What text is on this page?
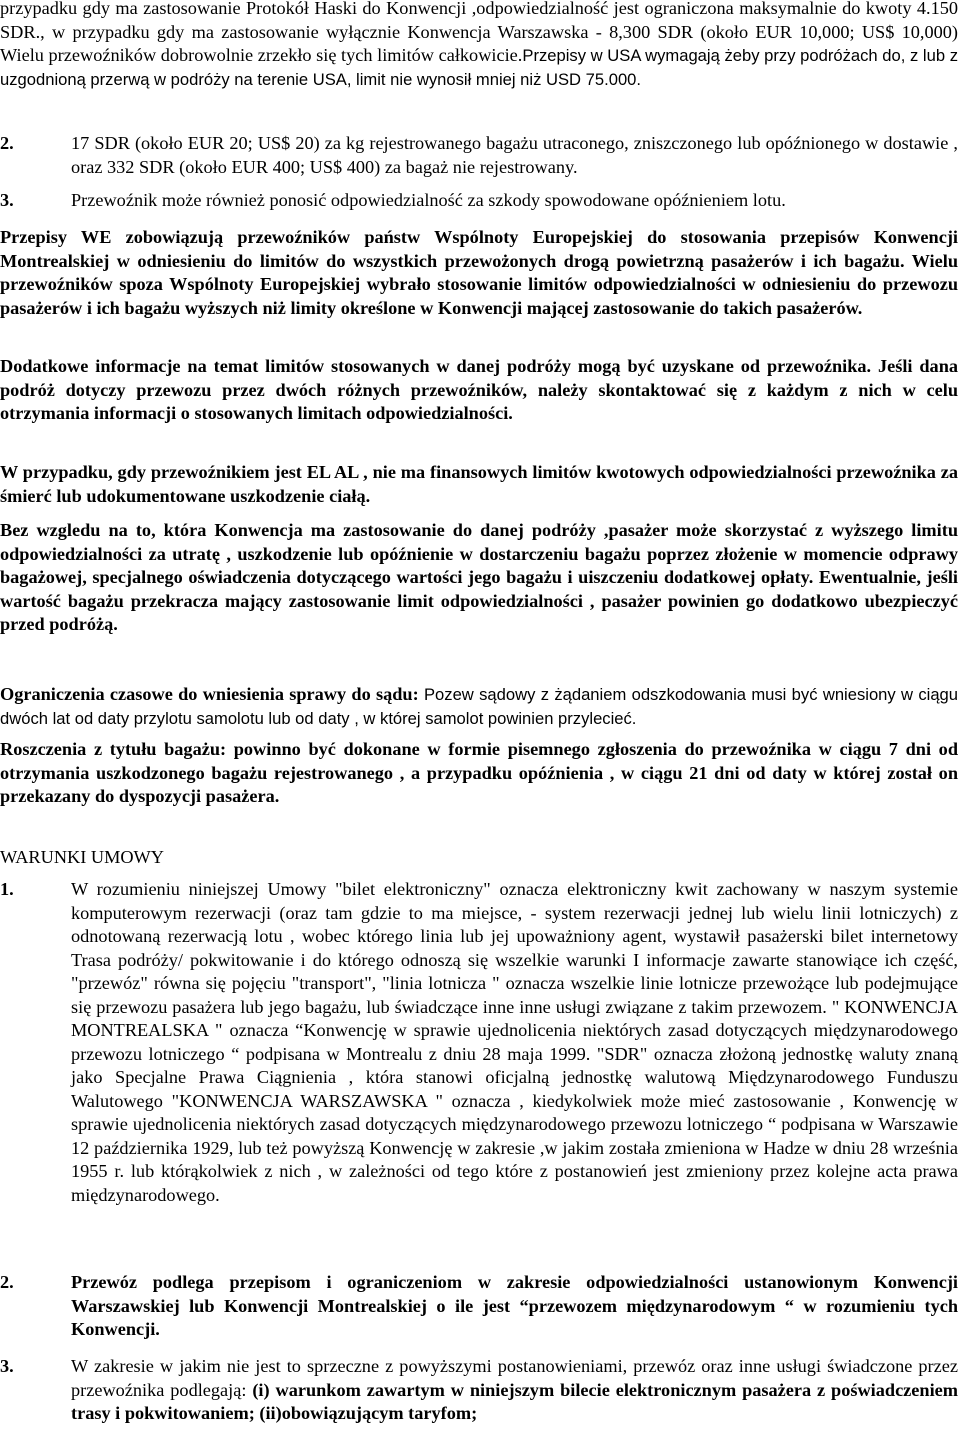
przypadku gdy ma zastosowanie Protokół Haski do Konwencji ,odpowiedzialność jest ograniczona maksymalnie do kwoty 4.150 SDR., w przypadku gdy ma zastosowanie wyłącznie Konwencja Warszawska - 8,300 SDR (około EUR 10,000; US$ 10,000) Wielu przewoźników dobrowolnie zrzekło się tych limitów całkowicie.Przepisy w USA wymagają żeby przy podróżach do, z lub z uzgodnioną przerwą w podróży na terenie USA, limit nie wynosił mniej niż USD 75.000.

2.	17 SDR (około EUR 20; US$ 20) za kg rejestrowanego bagażu utraconego, zniszczonego lub opóźnionego w dostawie , oraz 332 SDR (około EUR 400; US$ 400) za bagaż nie rejestrowany.
3.	Przewoźnik może również ponosić odpowiedzialność za szkody spowodowane opóźnieniem lotu.

Przepisy WE zobowiązują przewoźników państw Wspólnoty Europejskiej do stosowania przepisów Konwencji Montrealskiej w odniesieniu do limitów do wszystkich przewożonych drogą powietrzną pasażerów i ich bagażu. Wielu przewoźników spoza Wspólnoty Europejskiej wybrało stosowanie limitów odpowiedzialności w odniesieniu do przewozu pasażerów i ich bagażu wyższych niż limity określone w Konwencji mającej zastosowanie do takich pasażerów.

Dodatkowe informacje na temat limitów stosowanych w danej podróży mogą być uzyskane od przewoźnika. Jeśli dana podróż dotyczy przewozu przez dwóch różnych przewoźników, należy skontaktować się z każdym z nich w celu otrzymania informacji o stosowanych limitach odpowiedzialności.

W przypadku, gdy przewoźnikiem jest EL AL , nie ma finansowych limitów kwotowych odpowiedzialności przewoźnika za śmierć lub udokumentowane uszkodzenie ciałą.

Bez wzgledu na to, która Konwencja ma zastosowanie do danej podróży ,pasażer może skorzystać z wyższego limitu odpowiedzialności za utratę , uszkodzenie lub opóźnienie w dostarczeniu bagażu poprzez złożenie w momencie odprawy bagażowej, specjalnego oświadczenia dotyczącego wartości jego bagażu i uiszczeniu dodatkowej opłaty. Ewentualnie, jeśli wartość bagażu przekracza mający zastosowanie limit odpowiedzialności , pasażer powinien go dodatkowo ubezpieczyć przed podróżą.

Ograniczenia czasowe do wniesienia sprawy do sądu: Pozew sądowy z żądaniem odszkodowania musi być wniesiony w ciągu dwóch lat od daty przylotu samolotu lub od daty , w której samolot powinien przylecieć.

Roszczenia z tytułu bagażu: powinno być dokonane w formie pisemnego zgłoszenia do przewoźnika w ciągu 7 dni od otrzymania uszkodzonego bagażu rejestrowanego , a przypadku opóźnienia , w ciągu 21 dni od daty w której został on przekazany do dyspozycji pasażera.

WARUNKI UMOWY
1.	W rozumieniu niniejszej Umowy "bilet elektroniczny" oznacza elektroniczny kwit zachowany w naszym systemie komputerowym rezerwacji (oraz tam gdzie to ma miejsce, - system rezerwacji jednej lub wielu linii lotniczych) z odnotowaną rezerwacją lotu , wobec którego linia lub jej upoważniony agent, wystawił pasażerski bilet internetowy Trasa podróży/ pokwitowanie i do którego odnoszą się wszelkie warunki I informacje zawarte stanowiące ich część, "przewóz" równa się pojęciu "transport", "linia lotnicza " oznacza wszelkie linie lotnicze przewożące lub podejmujące się przewozu pasażera lub jego bagażu, lub świadczące inne inne usługi związane z takim przewozem. " KONWENCJA MONTREALSKA " oznacza “Konwencję w sprawie ujednolicenia niektórych zasad dotyczących międzynarodowego przewozu lotniczego “ podpisana w Montrealu z dniu 28 maja 1999. "SDR" oznacza złożoną jednostkę waluty znaną jako Specjalne Prawa Ciągnienia , która stanowi oficjalną jednostkę walutową Międzynarodowego Funduszu Walutowego "KONWENCJA WARSZAWSKA " oznacza , kiedykolwiek może mieć zastosowanie , Konwencję w sprawie ujednolicenia niektórych zasad dotyczących międzynarodowego przewozu lotniczego “ podpisana w Warszawie 12 października 1929, lub też powyższą Konwencję w zakresie ,w jakim została zmieniona w Hadze w dniu 28 września 1955 r. lub którąkolwiek z nich , w zależności od tego które z postanowień jest zmieniony przez kolejne acta prawa międzynarodowego.
2.	Przewóz podlega przepisom i ograniczeniom w zakresie odpowiedzialności ustanowionym Konwencji Warszawskiej lub Konwencji Montrealskiej o ile jest “przewozem międzynarodowym “ w rozumieniu tych Konwencji.
3.	W zakresie w jakim nie jest to sprzeczne z powyższymi postanowieniami, przewóz oraz inne usługi świadczone przez przewoźnika podlegają: (i) warunkom zawartym w niniejszym bilecie elektronicznym pasażera z poświadczeniem trasy i pokwitowaniem; (ii)obowiązującym taryfom;
